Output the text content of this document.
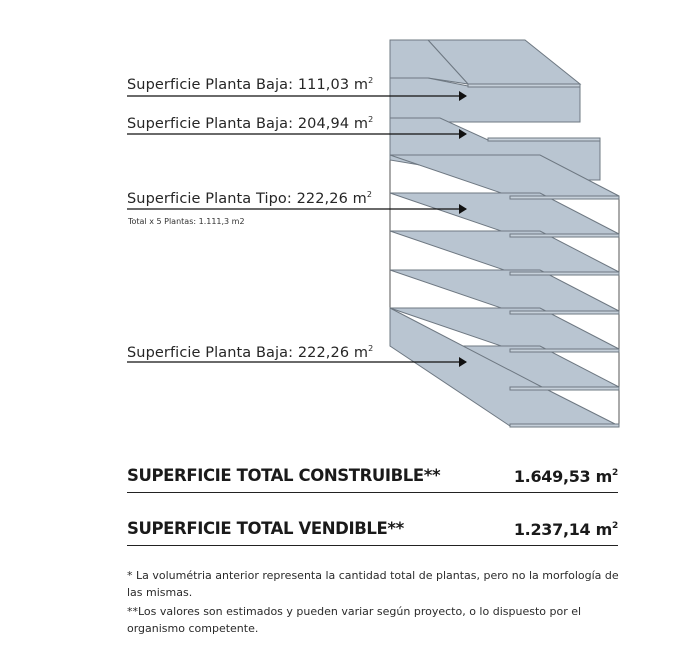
Superficie Planta Baja: 111,03 $m^2$
Superficie Planta Baja: 204,94 $m^2$
Superficie Planta Tipo: 222,26 $m^2$
Total x 5 Plantas: 1.111,3 m2
Superficie Planta Baja: 222,26 $m^2$
SUPERFICIE TOTAL CONSTRUIBLE**	1.649,53 $m^2$
SUPERFICIE TOTAL VENDIBLE**	1.237,14 $m^2$
* La volumétria anterior representa la cantidad total de plantas, pero no la morfología de las mismas.
**Los valores son estimados y pueden variar según proyecto, o lo dispuesto por el organismo competente.
